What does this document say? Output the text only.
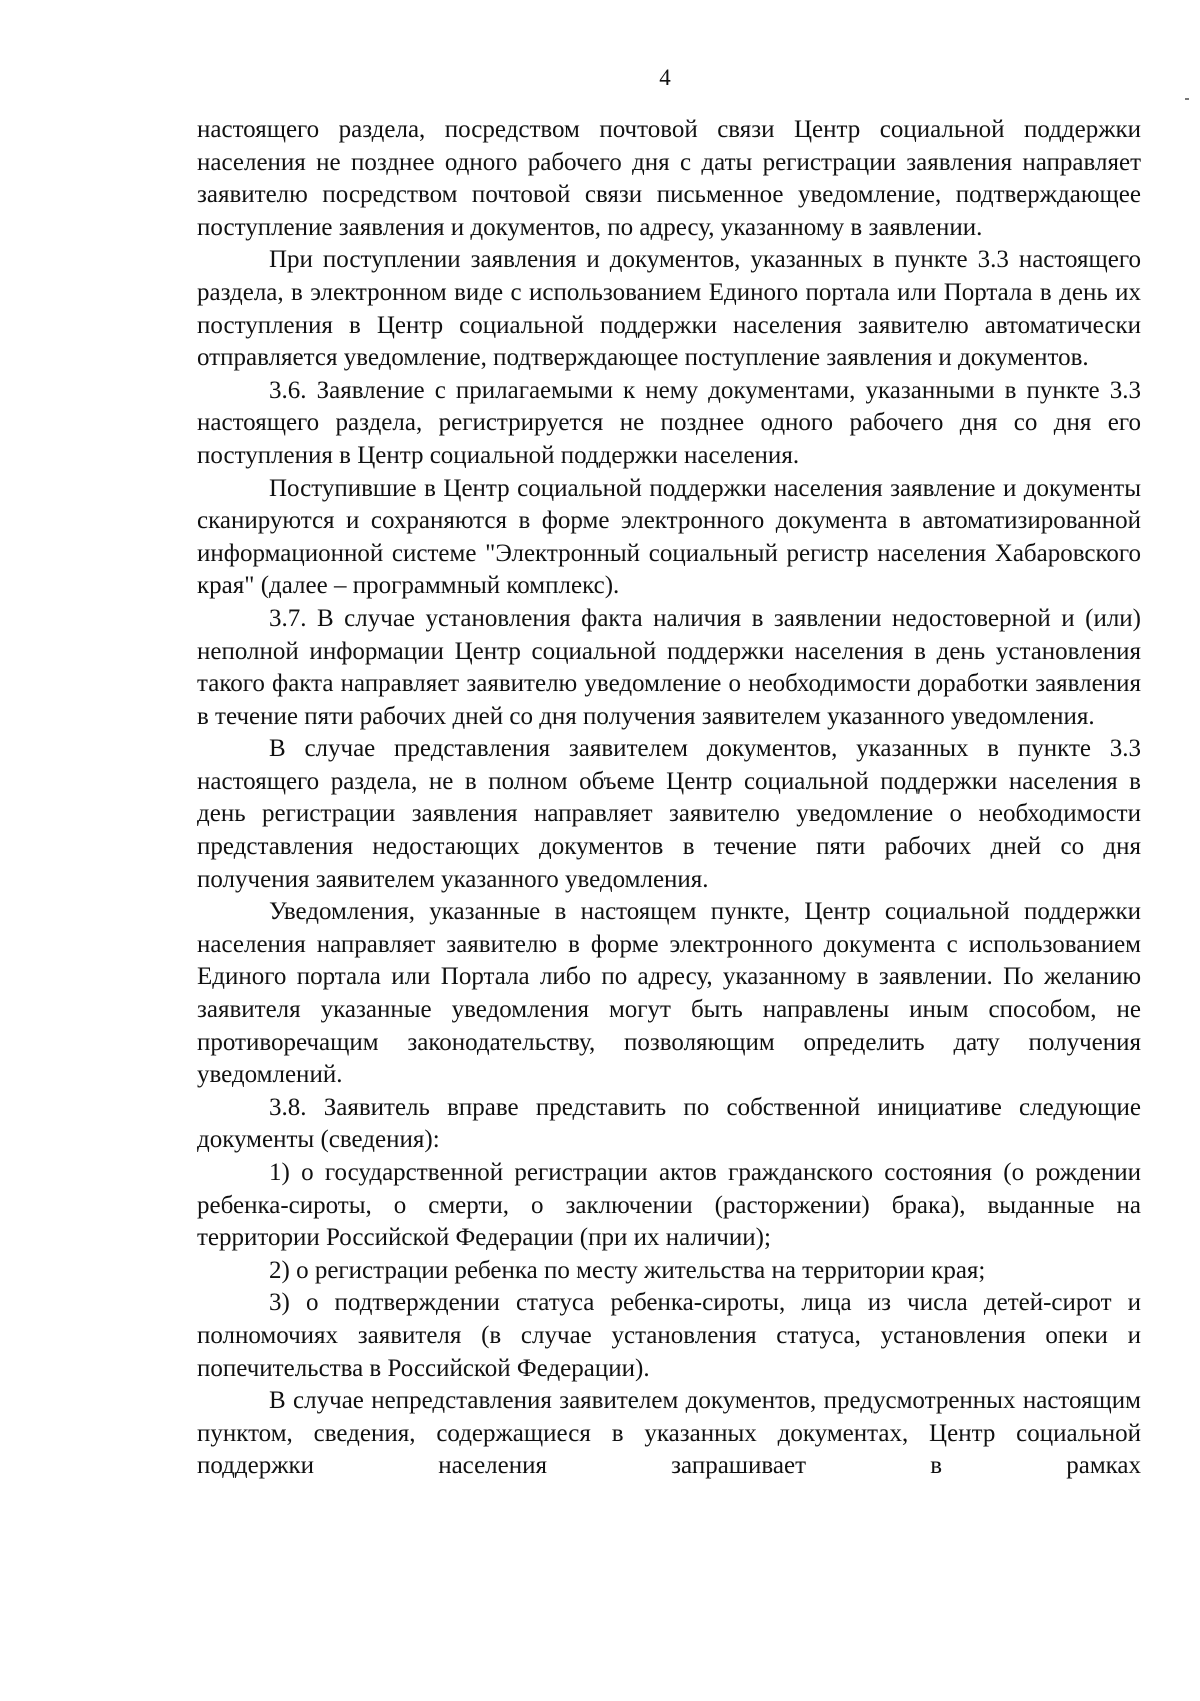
4

настоящего раздела, посредством почтовой связи Центр социальной поддержки населения не позднее одного рабочего дня с даты регистрации заявления направляет заявителю посредством почтовой связи письменное уведомление, подтверждающее поступление заявления и документов, по адресу, указанному в заявлении.

При поступлении заявления и документов, указанных в пункте 3.3 настоящего раздела, в электронном виде с использованием Единого портала или Портала в день их поступления в Центр социальной поддержки населения заявителю автоматически отправляется уведомление, подтверждающее поступление заявления и документов.

3.6. Заявление с прилагаемыми к нему документами, указанными в пункте 3.3 настоящего раздела, регистрируется не позднее одного рабочего дня со дня его поступления в Центр социальной поддержки населения.

Поступившие в Центр социальной поддержки населения заявление и документы сканируются и сохраняются в форме электронного документа в автоматизированной информационной системе "Электронный социальный регистр населения Хабаровского края" (далее – программный комплекс).

3.7. В случае установления факта наличия в заявлении недостоверной и (или) неполной информации Центр социальной поддержки населения в день установления такого факта направляет заявителю уведомление о необходимости доработки заявления в течение пяти рабочих дней со дня получения заявителем указанного уведомления.

В случае представления заявителем документов, указанных в пункте 3.3 настоящего раздела, не в полном объеме Центр социальной поддержки населения в день регистрации заявления направляет заявителю уведомление о необходимости представления недостающих документов в течение пяти рабочих дней со дня получения заявителем указанного уведомления.

Уведомления, указанные в настоящем пункте, Центр социальной поддержки населения направляет заявителю в форме электронного документа с использованием Единого портала или Портала либо по адресу, указанному в заявлении. По желанию заявителя указанные уведомления могут быть направлены иным способом, не противоречащим законодательству, позволяющим определить дату получения уведомлений.

3.8. Заявитель вправе представить по собственной инициативе следующие документы (сведения):

1) о государственной регистрации актов гражданского состояния (о рождении ребенка-сироты, о смерти, о заключении (расторжении) брака), выданные на территории Российской Федерации (при их наличии);

2) о регистрации ребенка по месту жительства на территории края;

3) о подтверждении статуса ребенка-сироты, лица из числа детей-сирот и полномочиях заявителя (в случае установления статуса, установления опеки и попечительства в Российской Федерации).

В случае непредставления заявителем документов, предусмотренных настоящим пунктом, сведения, содержащиеся в указанных документах, Центр социальной поддержки населения запрашивает в рамках
